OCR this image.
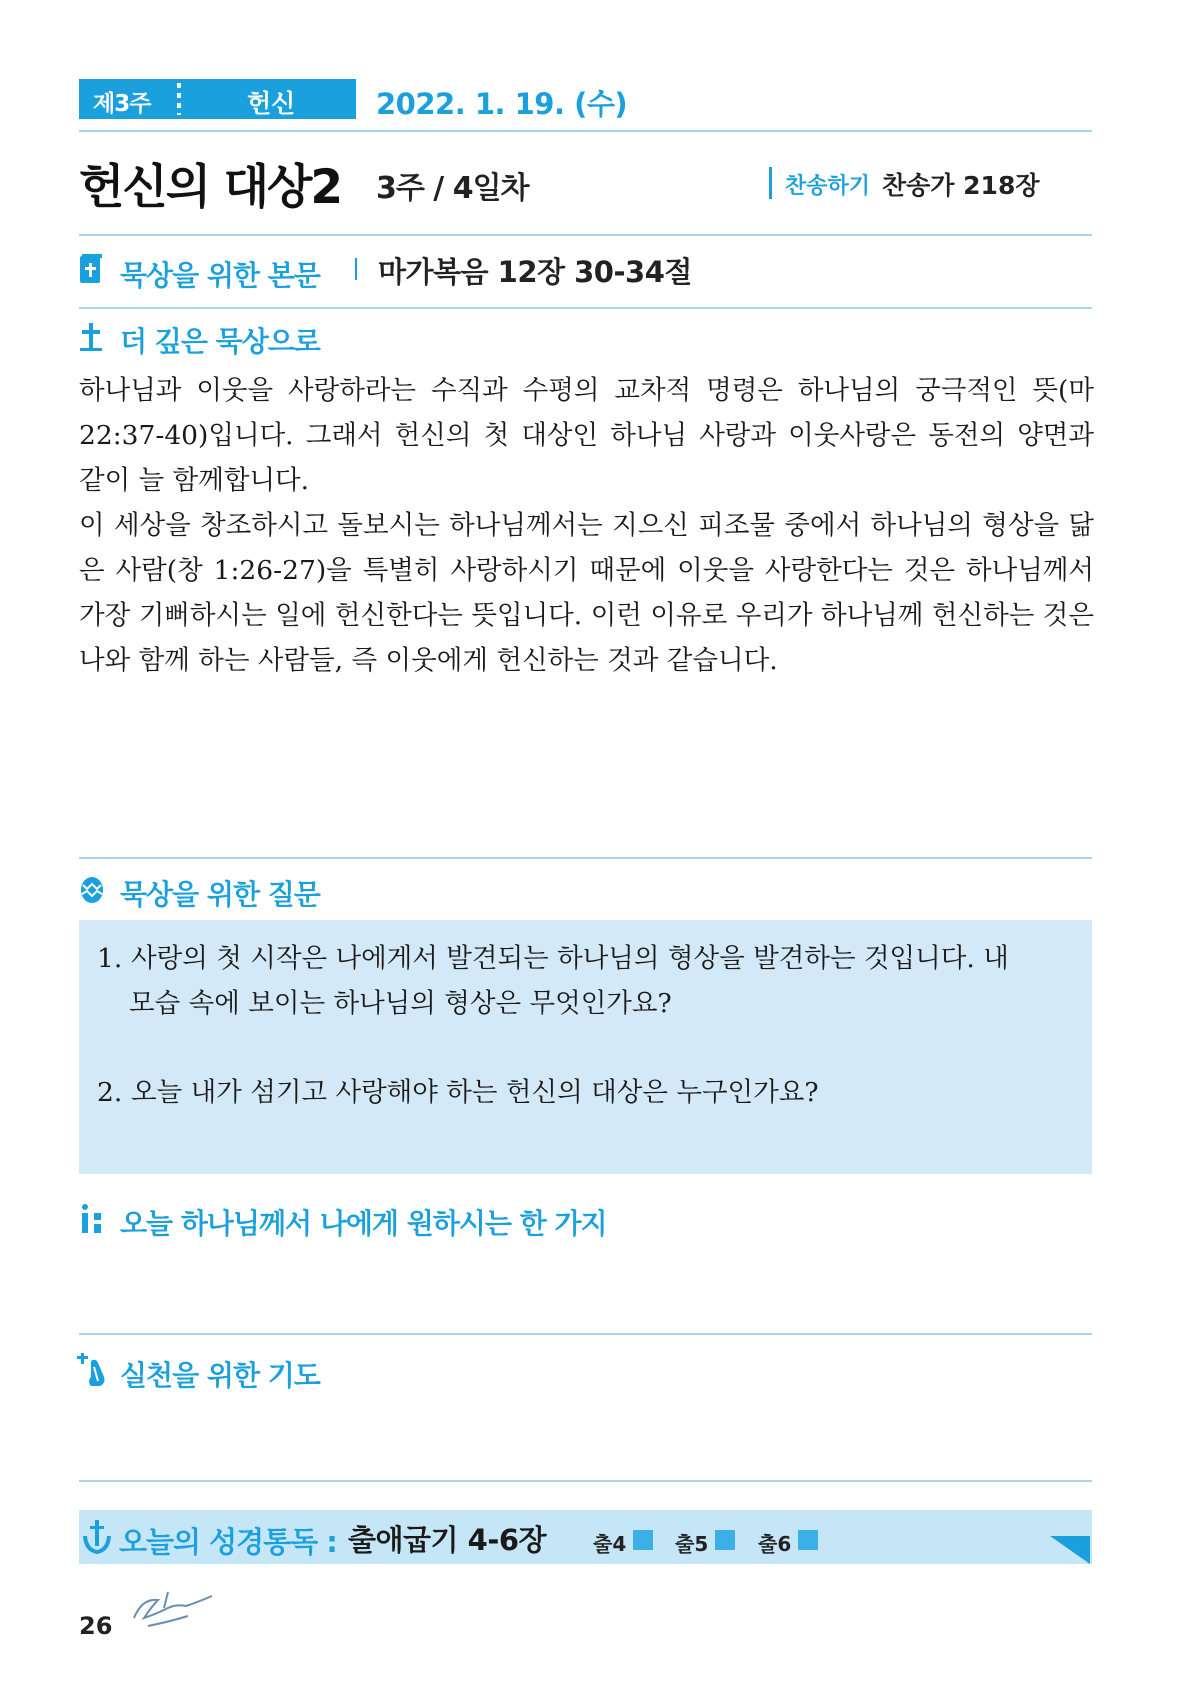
제3주	헌신	2022. 1. 19. (수)
헌신의 대상2 3주 / 4일차	찬송하기 찬송가 218장
묵상을 위한 본문 마가복음 12장 30-34절
더 깊은 묵상으로

하나님과 이웃을 사랑하라는 수직과 수평의 교차적 명령은 하나님의 궁극적인 뜻(마 22:37-40)입니다. 그래서 헌신의 첫 대상인 하나님 사랑과 이웃사랑은 동전의 양면과 같이 늘 함께합니다.

이 세상을 창조하시고 돌보시는 하나님께서는 지으신 피조물 중에서 하나님의 형상을 닮은 사람(창 1:26-27)을 특별히 사랑하시기 때문에 이웃을 사랑한다는 것은 하나님께서 가장 기뻐하시는 일에 헌신한다는 뜻입니다. 이런 이유로 우리가 하나님께 헌신하는 것은 나와 함께 하는 사람들, 즉 이웃에게 헌신하는 것과 같습니다.

묵상을 위한 질문
1. 사랑의 첫 시작은 나에게서 발견되는 하나님의 형상을 발견하는 것입니다. 내
모습 속에 보이는 하나님의 형상은 무엇인가요?
2. 오늘 내가 섬기고 사랑해야 하는 헌신의 대상은 누구인가요?
오늘 하나님께서 나에게 원하시는 한 가지
실천을 위한 기도
오늘의 성경통독 : 출애굽기 4-6장 출4 출5 출6
26
